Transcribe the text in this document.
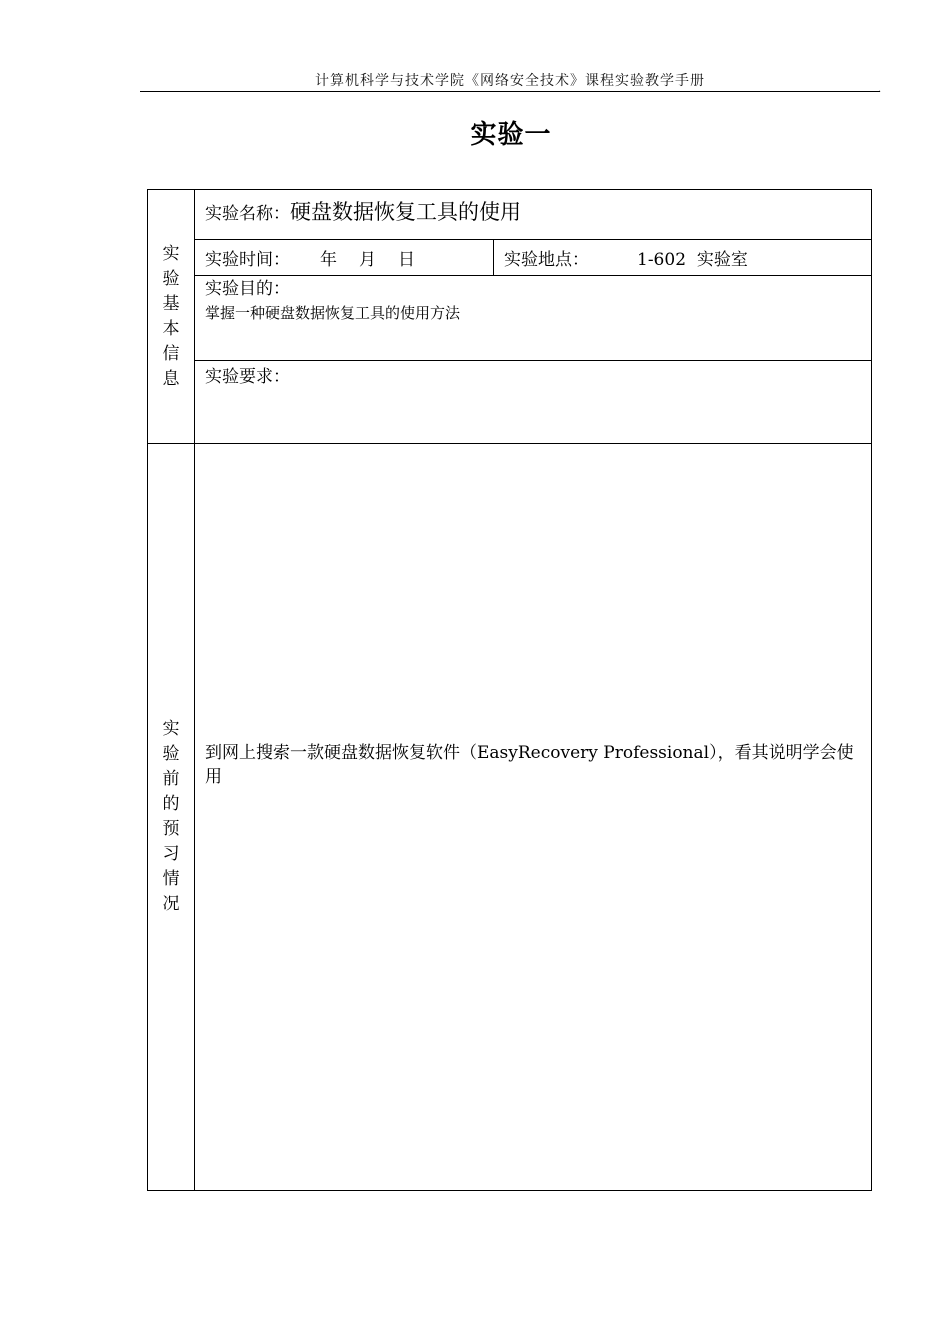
计算机科学与技术学院《网络安全技术》课程实验教学手册
.
实验一
实验基本信息	实验名称：硬盘数据恢复工具的使用	

	实验时间： 年 月 日	实验地点： 1-602  实验室

	实验目的：
掌握一种硬盘数据恢复工具的使用方法	

	实验要求：	

实验前的预习情况	到网上搜索一款硬盘数据恢复软件（EasyRecovery Professional），看其说明学会使用	
